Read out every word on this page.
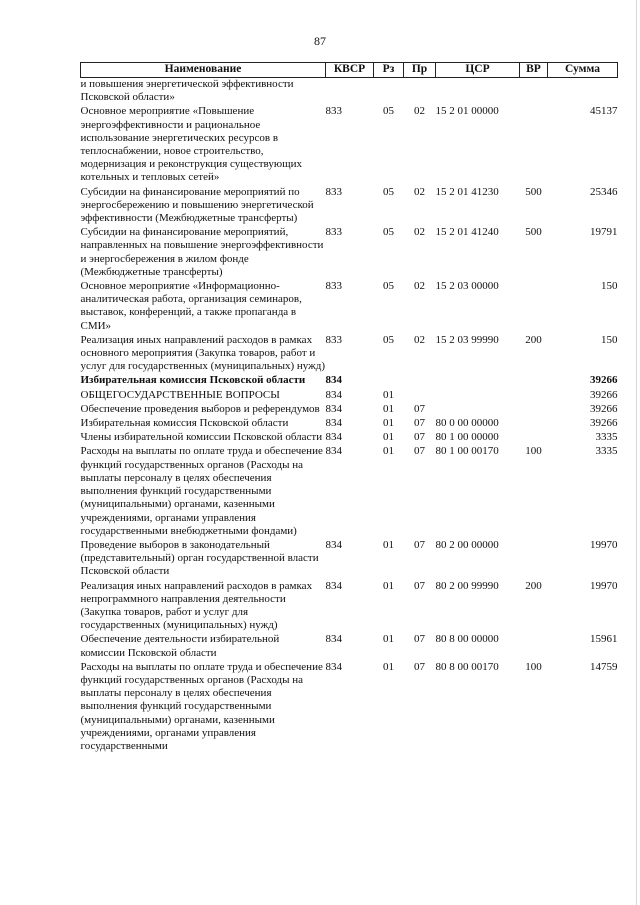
87
Наименование	КВСР	Рз	Пр	ЦСР	ВР	Сумма
и повышения энергетической эффективности Псковской области»						
Основное мероприятие «Повышение энергоэффективности и рациональное использование энергетических ресурсов в теплоснабжении, новое строительство, модернизация и реконструкция существующих котельных и тепловых сетей»	833	05	02	15 2 01 00000		45137
Субсидии на финансирование мероприятий по энергосбережению и повышению энергетической эффективности (Межбюджетные трансферты)	833	05	02	15 2 01 41230	500	25346
Субсидии на финансирование мероприятий, направленных на повышение энергоэффективности и энергосбережения в жилом фонде (Межбюджетные трансферты)	833	05	02	15 2 01 41240	500	19791
Основное мероприятие «Информационно-аналитическая работа, организация семинаров, выставок, конференций, а также пропаганда в СМИ»	833	05	02	15 2 03 00000		150
Реализация иных направлений расходов в рамках основного мероприятия (Закупка товаров, работ и услуг для государственных (муниципальных) нужд)	833	05	02	15 2 03 99990	200	150
Избирательная комиссия Псковской области	834					39266
ОБЩЕГОСУДАРСТВЕННЫЕ ВОПРОСЫ	834	01				39266
Обеспечение проведения выборов и референдумов	834	01	07			39266
Избирательная комиссия Псковской области	834	01	07	80 0 00 00000		39266
Члены избирательной комиссии Псковской области	834	01	07	80 1 00 00000		3335
Расходы на выплаты по оплате труда и обеспечение функций государственных органов (Расходы на выплаты персоналу в целях обеспечения выполнения функций государственными (муниципальными) органами, казенными учреждениями, органами управления государственными внебюджетными фондами)	834	01	07	80 1 00 00170	100	3335
Проведение выборов в законодательный (представительный) орган государственной власти Псковской области	834	01	07	80 2 00 00000		19970
Реализация иных направлений расходов в рамках непрограммного направления деятельности (Закупка товаров, работ и услуг для государственных (муниципальных) нужд)	834	01	07	80 2 00 99990	200	19970
Обеспечение деятельности избирательной комиссии Псковской области	834	01	07	80 8 00 00000		15961
Расходы на выплаты по оплате труда и обеспечение функций государственных органов (Расходы на выплаты персоналу в целях обеспечения выполнения функций государственными (муниципальными) органами, казенными учреждениями, органами управления государственными	834	01	07	80 8 00 00170	100	14759
